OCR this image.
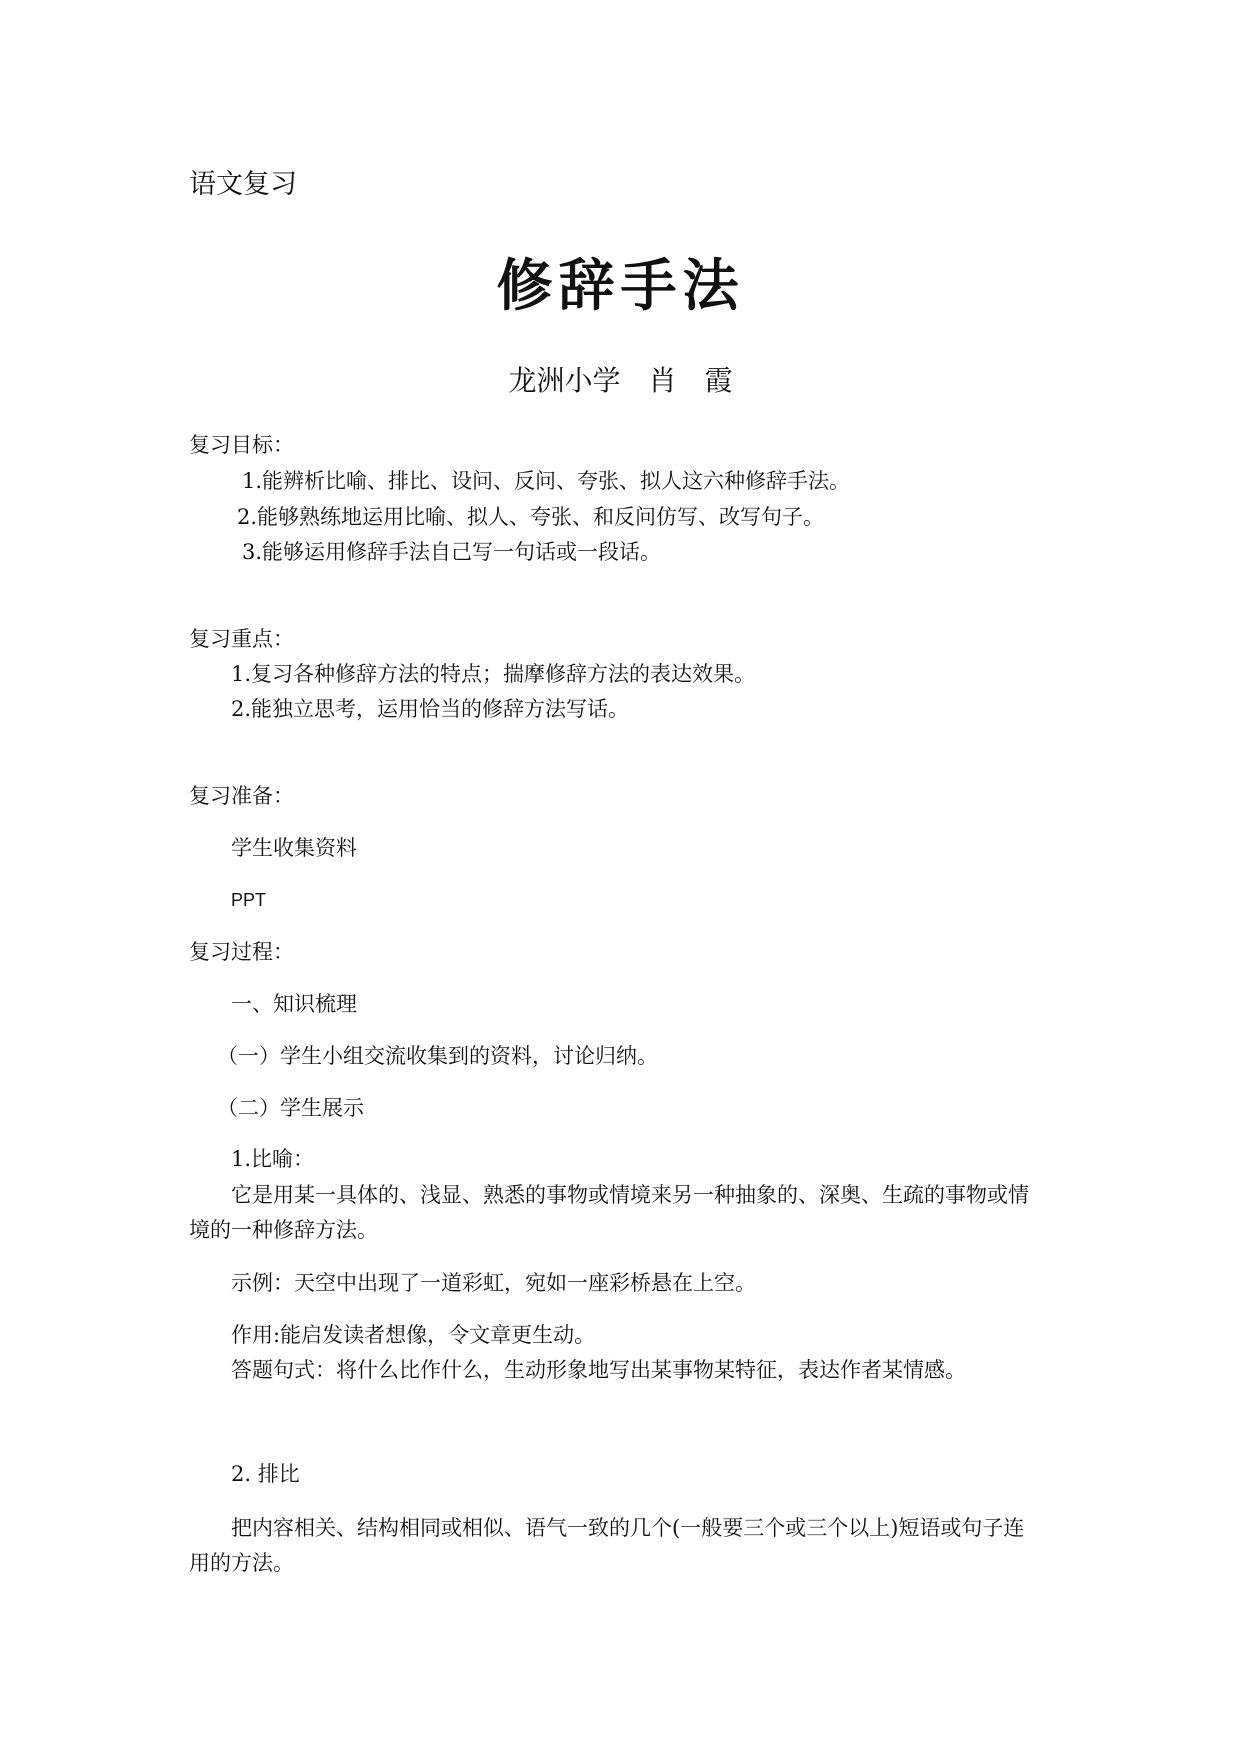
语文复习
修辞手法
龙洲小学　肖　霞
复习目标：
1.能辨析比喻、排比、设问、反问、夸张、拟人这六种修辞手法。
2.能够熟练地运用比喻、拟人、夸张、和反问仿写、改写句子。
3.能够运用修辞手法自己写一句话或一段话。
复习重点：
1.复习各种修辞方法的特点；揣摩修辞方法的表达效果。
2.能独立思考，运用恰当的修辞方法写话。
复习准备：
学生收集资料
PPT
复习过程：
一、知识梳理
（一）学生小组交流收集到的资料，讨论归纳。
（二）学生展示
1.比喻：
它是用某一具体的、浅显、熟悉的事物或情境来另一种抽象的、深奥、生疏的事物或情
境的一种修辞方法。
示例：天空中出现了一道彩虹，宛如一座彩桥悬在上空。
作用:能启发读者想像，令文章更生动。
答题句式：将什么比作什么，生动形象地写出某事物某特征，表达作者某情感。
2. 排比
把内容相关、结构相同或相似、语气一致的几个(一般要三个或三个以上)短语或句子连
用的方法。
